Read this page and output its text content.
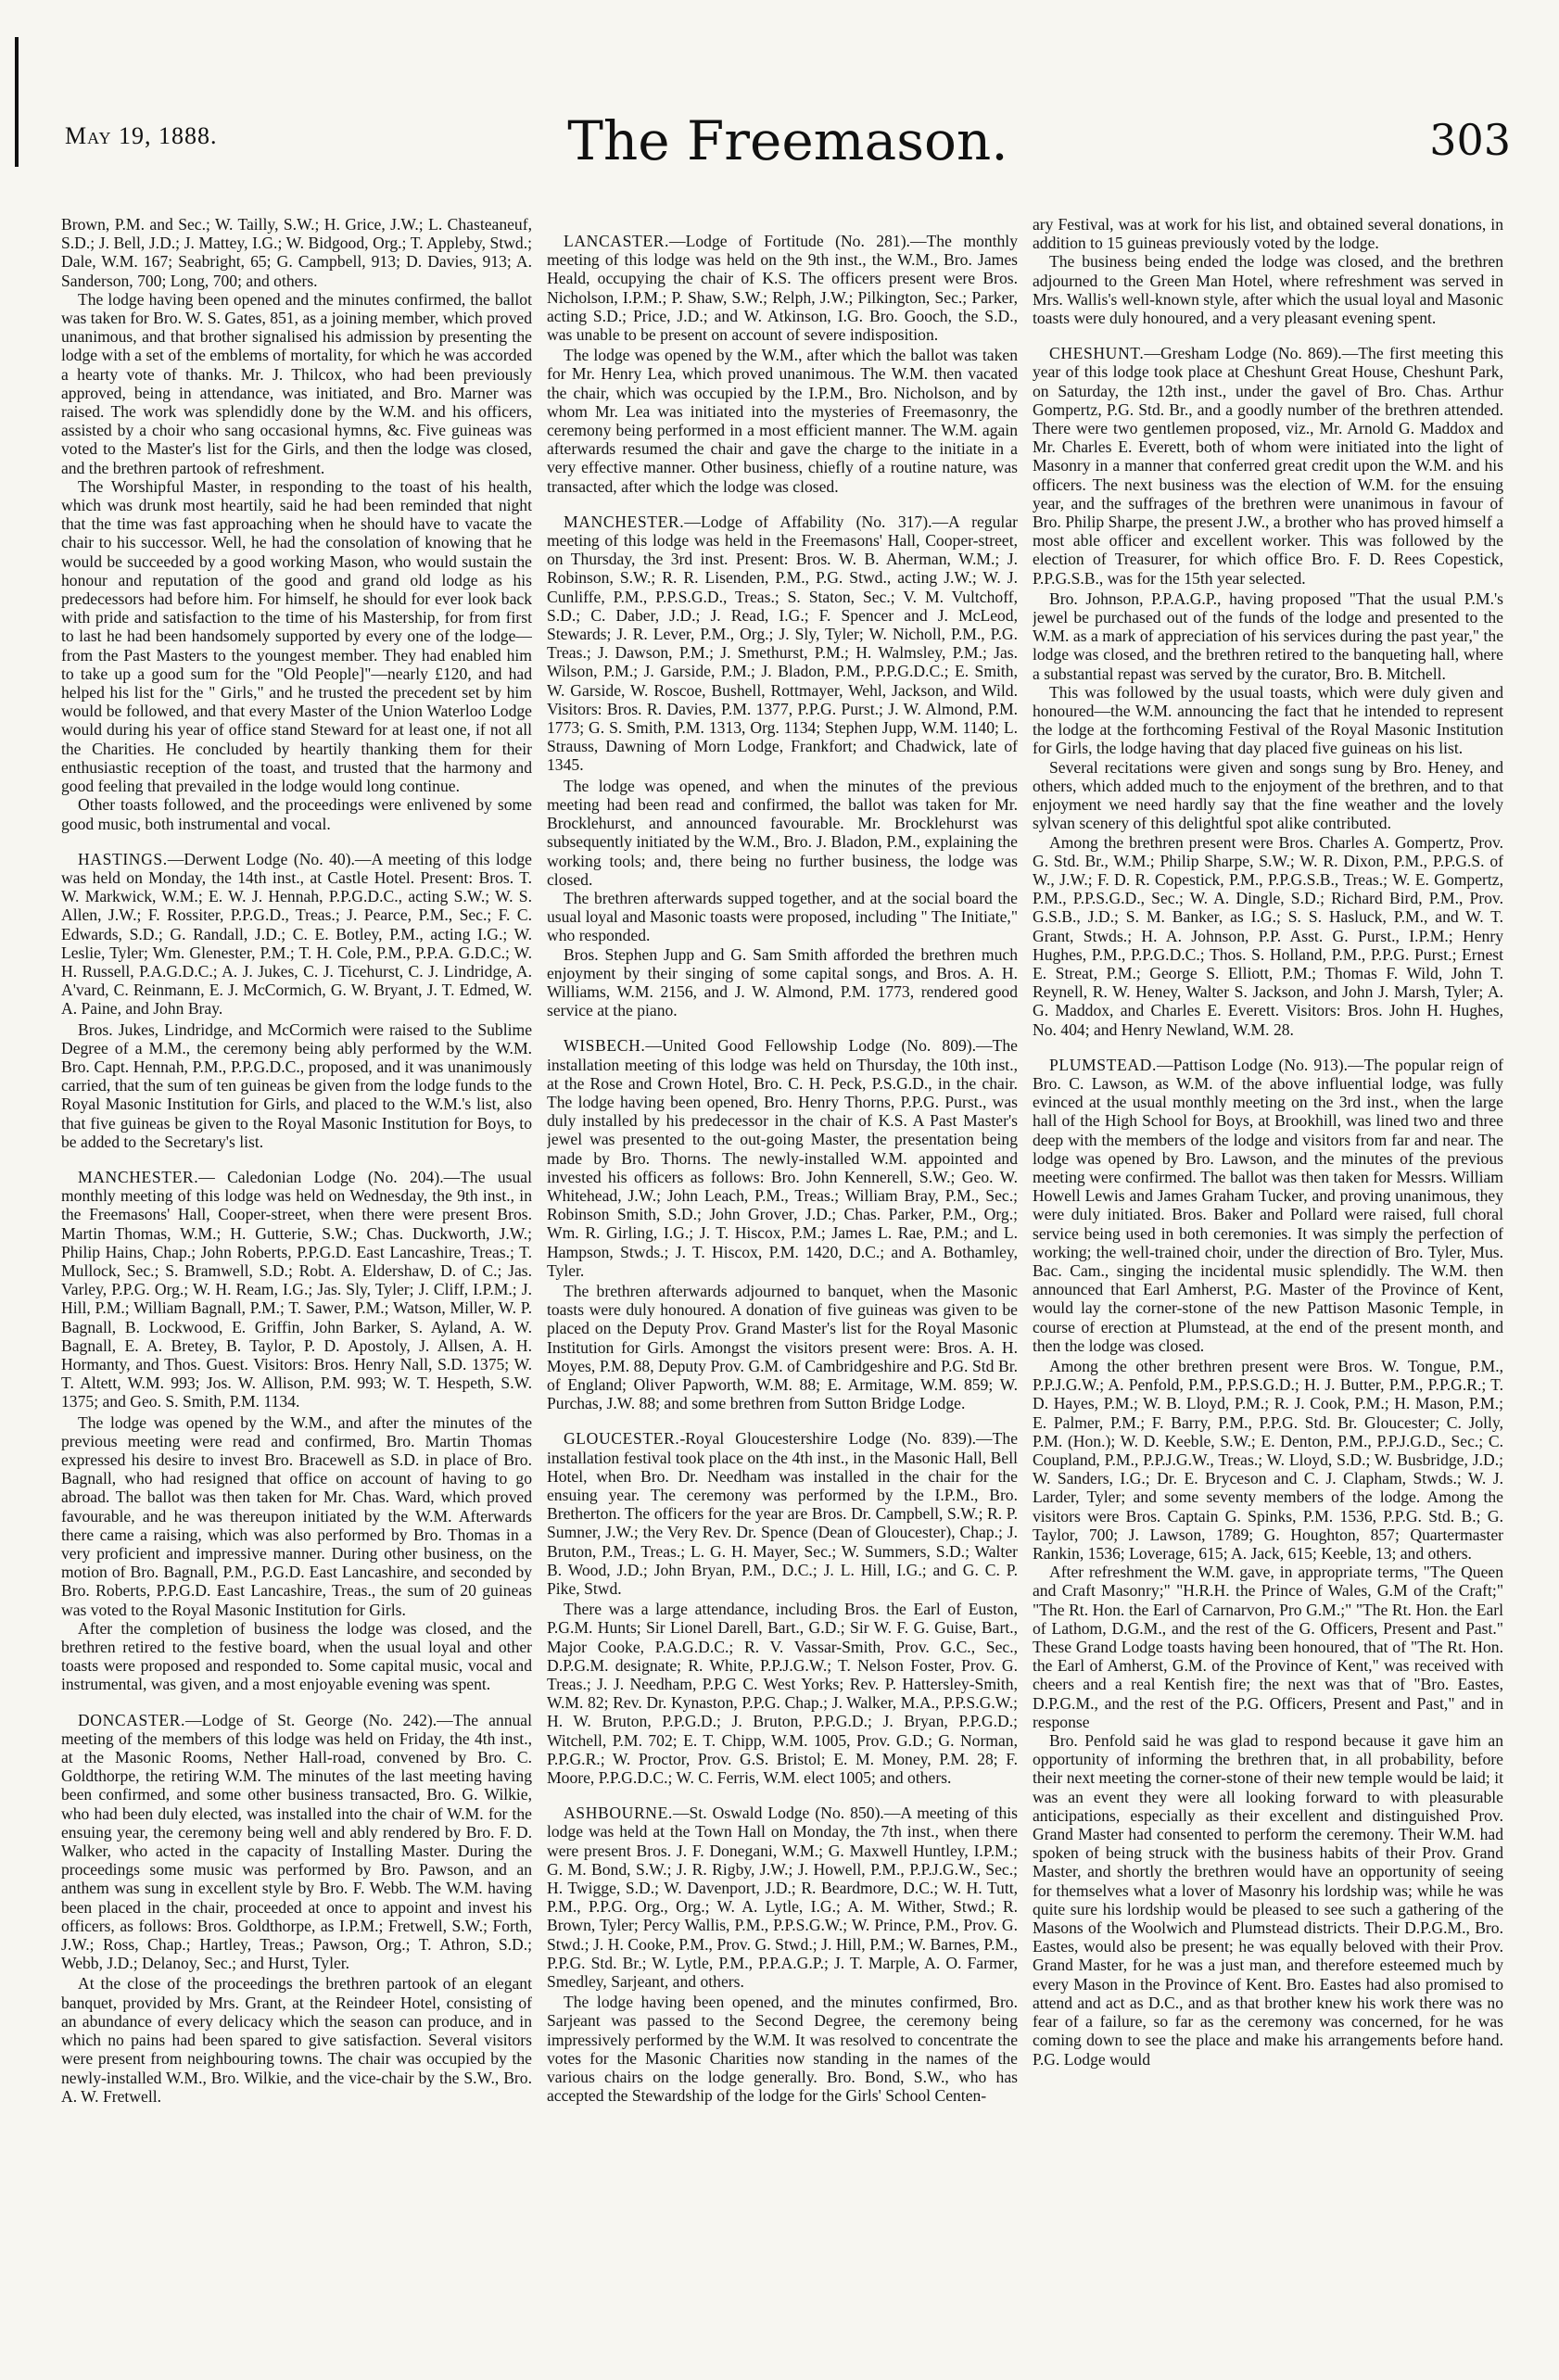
May 19, 1888.	The Freemason.	303

Brown, P.M. and Sec.; W. Tailly, S.W.; H. Grice, J.W.; L. Chasteaneuf, S.D.; J. Bell, J.D.; J. Mattey, I.G.; W. Bidgood, Org.; T. Appleby, Stwd.; Dale, W.M. 167; Seabright, 65; G. Campbell, 913; D. Davies, 913; A. Sanderson, 700; Long, 700; and others.

The lodge having been opened and the minutes confirmed, the ballot was taken for Bro. W. S. Gates, 851, as a joining member, which proved unanimous, and that brother signalised his admission by presenting the lodge with a set of the emblems of mortality, for which he was accorded a hearty vote of thanks. Mr. J. Thilcox, who had been previously approved, being in attendance, was initiated, and Bro. Marner was raised. The work was splendidly done by the W.M. and his officers, assisted by a choir who sang occasional hymns, &c. Five guineas was voted to the Master's list for the Girls, and then the lodge was closed, and the brethren partook of refreshment.

The Worshipful Master, in responding to the toast of his health, which was drunk most heartily, said he had been reminded that night that the time was fast approaching when he should have to vacate the chair to his successor. Well, he had the consolation of knowing that he would be succeeded by a good working Mason, who would sustain the honour and reputation of the good and grand old lodge as his predecessors had before him. For himself, he should for ever look back with pride and satisfaction to the time of his Mastership, for from first to last he had been handsomely supported by every one of the lodge—from the Past Masters to the youngest member. They had enabled him to take up a good sum for the "Old People]"—nearly £120, and had helped his list for the " Girls," and he trusted the precedent set by him would be followed, and that every Master of the Union Waterloo Lodge would during his year of office stand Steward for at least one, if not all the Charities. He concluded by heartily thanking them for their enthusiastic reception of the toast, and trusted that the harmony and good feeling that prevailed in the lodge would long continue.

Other toasts followed, and the proceedings were enlivened by some good music, both instrumental and vocal.

HASTINGS.—Derwent Lodge (No. 40).—A meeting of this lodge was held on Monday, the 14th inst., at Castle Hotel. Present: Bros. T. W. Markwick, W.M.; E. W. J. Hennah, P.P.G.D.C., acting S.W.; W. S. Allen, J.W.; F. Rossiter, P.P.G.D., Treas.; J. Pearce, P.M., Sec.; F. C. Edwards, S.D.; G. Randall, J.D.; C. E. Botley, P.M., acting I.G.; W. Leslie, Tyler; Wm. Glenester, P.M.; T. H. Cole, P.M., P.P.A. G.D.C.; W. H. Russell, P.A.G.D.C.; A. J. Jukes, C. J. Ticehurst, C. J. Lindridge, A. A'vard, C. Reinmann, E. J. McCormich, G. W. Bryant, J. T. Edmed, W. A. Paine, and John Bray.

Bros. Jukes, Lindridge, and McCormich were raised to the Sublime Degree of a M.M., the ceremony being ably performed by the W.M. Bro. Capt. Hennah, P.M., P.P.G.D.C., proposed, and it was unanimously carried, that the sum of ten guineas be given from the lodge funds to the Royal Masonic Institution for Girls, and placed to the W.M.'s list, also that five guineas be given to the Royal Masonic Institution for Boys, to be added to the Secretary's list.

MANCHESTER.— Caledonian Lodge (No. 204).—The usual monthly meeting of this lodge was held on Wednesday, the 9th inst., in the Freemasons' Hall, Cooper-street, when there were present Bros. Martin Thomas, W.M.; H. Gutterie, S.W.; Chas. Duckworth, J.W.; Philip Hains, Chap.; John Roberts, P.P.G.D. East Lancashire, Treas.; T. Mullock, Sec.; S. Bramwell, S.D.; Robt. A. Eldershaw, D. of C.; Jas. Varley, P.P.G. Org.; W. H. Ream, I.G.; Jas. Sly, Tyler; J. Cliff, I.P.M.; J. Hill, P.M.; William Bagnall, P.M.; T. Sawer, P.M.; Watson, Miller, W. P. Bagnall, B. Lockwood, E. Griffin, John Barker, S. Ayland, A. W. Bagnall, E. A. Bretey, B. Taylor, P. D. Apostoly, J. Allsen, A. H. Hormanty, and Thos. Guest. Visitors: Bros. Henry Nall, S.D. 1375; W. T. Altett, W.M. 993; Jos. W. Allison, P.M. 993; W. T. Hespeth, S.W. 1375; and Geo. S. Smith, P.M. 1134.

The lodge was opened by the W.M., and after the minutes of the previous meeting were read and confirmed, Bro. Martin Thomas expressed his desire to invest Bro. Bracewell as S.D. in place of Bro. Bagnall, who had resigned that office on account of having to go abroad. The ballot was then taken for Mr. Chas. Ward, which proved favourable, and he was thereupon initiated by the W.M. Afterwards there came a raising, which was also performed by Bro. Thomas in a very proficient and impressive manner. During other business, on the motion of Bro. Bagnall, P.M., P.G.D. East Lancashire, and seconded by Bro. Roberts, P.P.G.D. East Lancashire, Treas., the sum of 20 guineas was voted to the Royal Masonic Institution for Girls.

After the completion of business the lodge was closed, and the brethren retired to the festive board, when the usual loyal and other toasts were proposed and responded to. Some capital music, vocal and instrumental, was given, and a most enjoyable evening was spent.

DONCASTER.—Lodge of St. George (No. 242).—The annual meeting of the members of this lodge was held on Friday, the 4th inst., at the Masonic Rooms, Nether Hall-road, convened by Bro. C. Goldthorpe, the retiring W.M. The minutes of the last meeting having been confirmed, and some other business transacted, Bro. G. Wilkie, who had been duly elected, was installed into the chair of W.M. for the ensuing year, the ceremony being well and ably rendered by Bro. F. D. Walker, who acted in the capacity of Installing Master. During the proceedings some music was performed by Bro. Pawson, and an anthem was sung in excellent style by Bro. F. Webb. The W.M. having been placed in the chair, proceeded at once to appoint and invest his officers, as follows: Bros. Goldthorpe, as I.P.M.; Fretwell, S.W.; Forth, J.W.; Ross, Chap.; Hartley, Treas.; Pawson, Org.; T. Athron, S.D.; Webb, J.D.; Delanoy, Sec.; and Hurst, Tyler.

At the close of the proceedings the brethren partook of an elegant banquet, provided by Mrs. Grant, at the Reindeer Hotel, consisting of an abundance of every delicacy which the season can produce, and in which no pains had been spared to give satisfaction. Several visitors were present from neighbouring towns. The chair was occupied by the newly-installed W.M., Bro. Wilkie, and the vice-chair by the S.W., Bro. A. W. Fretwell.

LANCASTER.—Lodge of Fortitude (No. 281).—The monthly meeting of this lodge was held on the 9th inst., the W.M., Bro. James Heald, occupying the chair of K.S. The officers present were Bros. Nicholson, I.P.M.; P. Shaw, S.W.; Relph, J.W.; Pilkington, Sec.; Parker, acting S.D.; Price, J.D.; and W. Atkinson, I.G. Bro. Gooch, the S.D., was unable to be present on account of severe indisposition.

The lodge was opened by the W.M., after which the ballot was taken for Mr. Henry Lea, which proved unanimous. The W.M. then vacated the chair, which was occupied by the I.P.M., Bro. Nicholson, and by whom Mr. Lea was initiated into the mysteries of Freemasonry, the ceremony being performed in a most efficient manner. The W.M. again afterwards resumed the chair and gave the charge to the initiate in a very effective manner. Other business, chiefly of a routine nature, was transacted, after which the lodge was closed.

MANCHESTER.—Lodge of Affability (No. 317).—A regular meeting of this lodge was held in the Freemasons' Hall, Cooper-street, on Thursday, the 3rd inst. Present: Bros. W. B. Aherman, W.M.; J. Robinson, S.W.; R. R. Lisenden, P.M., P.G. Stwd., acting J.W.; W. J. Cunliffe, P.M., P.P.S.G.D., Treas.; S. Staton, Sec.; V. M. Vultchoff, S.D.; C. Daber, J.D.; J. Read, I.G.; F. Spencer and J. McLeod, Stewards; J. R. Lever, P.M., Org.; J. Sly, Tyler; W. Nicholl, P.M., P.G. Treas.; J. Dawson, P.M.; J. Smethurst, P.M.; H. Walmsley, P.M.; Jas. Wilson, P.M.; J. Garside, P.M.; J. Bladon, P.M., P.P.G.D.C.; E. Smith, W. Garside, W. Roscoe, Bushell, Rottmayer, Wehl, Jackson, and Wild. Visitors: Bros. R. Davies, P.M. 1377, P.P.G. Purst.; J. W. Almond, P.M. 1773; G. S. Smith, P.M. 1313, Org. 1134; Stephen Jupp, W.M. 1140; L. Strauss, Dawning of Morn Lodge, Frankfort; and Chadwick, late of 1345.

The lodge was opened, and when the minutes of the previous meeting had been read and confirmed, the ballot was taken for Mr. Brocklehurst, and announced favourable. Mr. Brocklehurst was subsequently initiated by the W.M., Bro. J. Bladon, P.M., explaining the working tools; and, there being no further business, the lodge was closed.

The brethren afterwards supped together, and at the social board the usual loyal and Masonic toasts were proposed, including " The Initiate," who responded.

Bros. Stephen Jupp and G. Sam Smith afforded the brethren much enjoyment by their singing of some capital songs, and Bros. A. H. Williams, W.M. 2156, and J. W. Almond, P.M. 1773, rendered good service at the piano.

WISBECH.—United Good Fellowship Lodge (No. 809).—The installation meeting of this lodge was held on Thursday, the 10th inst., at the Rose and Crown Hotel, Bro. C. H. Peck, P.S.G.D., in the chair. The lodge having been opened, Bro. Henry Thorns, P.P.G. Purst., was duly installed by his predecessor in the chair of K.S. A Past Master's jewel was presented to the out-going Master, the presentation being made by Bro. Thorns. The newly-installed W.M. appointed and invested his officers as follows: Bro. John Kennerell, S.W.; Geo. W. Whitehead, J.W.; John Leach, P.M., Treas.; William Bray, P.M., Sec.; Robinson Smith, S.D.; John Grover, J.D.; Chas. Parker, P.M., Org.; Wm. R. Girling, I.G.; J. T. Hiscox, P.M.; James L. Rae, P.M.; and L. Hampson, Stwds.; J. T. Hiscox, P.M. 1420, D.C.; and A. Bothamley, Tyler.

The brethren afterwards adjourned to banquet, when the Masonic toasts were duly honoured. A donation of five guineas was given to be placed on the Deputy Prov. Grand Master's list for the Royal Masonic Institution for Girls. Amongst the visitors present were: Bros. A. H. Moyes, P.M. 88, Deputy Prov. G.M. of Cambridgeshire and P.G. Std Br. of England; Oliver Papworth, W.M. 88; E. Armitage, W.M. 859; W. Purchas, J.W. 88; and some brethren from Sutton Bridge Lodge.

GLOUCESTER.-Royal Gloucestershire Lodge (No. 839).—The installation festival took place on the 4th inst., in the Masonic Hall, Bell Hotel, when Bro. Dr. Needham was installed in the chair for the ensuing year. The ceremony was performed by the I.P.M., Bro. Bretherton. The officers for the year are Bros. Dr. Campbell, S.W.; R. P. Sumner, J.W.; the Very Rev. Dr. Spence (Dean of Gloucester), Chap.; J. Bruton, P.M., Treas.; L. G. H. Mayer, Sec.; W. Summers, S.D.; Walter B. Wood, J.D.; John Bryan, P.M., D.C.; J. L. Hill, I.G.; and G. C. P. Pike, Stwd.

There was a large attendance, including Bros. the Earl of Euston, P.G.M. Hunts; Sir Lionel Darell, Bart., G.D.; Sir W. F. G. Guise, Bart., Major Cooke, P.A.G.D.C.; R. V. Vassar-Smith, Prov. G.C., Sec., D.P.G.M. designate; R. White, P.P.J.G.W.; T. Nelson Foster, Prov. G. Treas.; J. J. Needham, P.P.G C. West Yorks; Rev. P. Hattersley-Smith, W.M. 82; Rev. Dr. Kynaston, P.P.G. Chap.; J. Walker, M.A., P.P.S.G.W.; H. W. Bruton, P.P.G.D.; J. Bruton, P.P.G.D.; J. Bryan, P.P.G.D.; Witchell, P.M. 702; E. T. Chipp, W.M. 1005, Prov. G.D.; G. Norman, P.P.G.R.; W. Proctor, Prov. G.S. Bristol; E. M. Money, P.M. 28; F. Moore, P.P.G.D.C.; W. C. Ferris, W.M. elect 1005; and others.

ASHBOURNE.—St. Oswald Lodge (No. 850).—A meeting of this lodge was held at the Town Hall on Monday, the 7th inst., when there were present Bros. J. F. Donegani, W.M.; G. Maxwell Huntley, I.P.M.; G. M. Bond, S.W.; J. R. Rigby, J.W.; J. Howell, P.M., P.P.J.G.W., Sec.; H. Twigge, S.D.; W. Davenport, J.D.; R. Beardmore, D.C.; W. H. Tutt, P.M., P.P.G. Org., Org.; W. A. Lytle, I.G.; A. M. Wither, Stwd.; R. Brown, Tyler; Percy Wallis, P.M., P.P.S.G.W.; W. Prince, P.M., Prov. G. Stwd.; J. H. Cooke, P.M., Prov. G. Stwd.; J. Hill, P.M.; W. Barnes, P.M., P.P.G. Std. Br.; W. Lytle, P.M., P.P.A.G.P.; J. T. Marple, A. O. Farmer, Smedley, Sarjeant, and others.

The lodge having been opened, and the minutes confirmed, Bro. Sarjeant was passed to the Second Degree, the ceremony being impressively performed by the W.M. It was resolved to concentrate the votes for the Masonic Charities now standing in the names of the various chairs on the lodge generally. Bro. Bond, S.W., who has accepted the Stewardship of the lodge for the Girls' School Centen-

ary Festival, was at work for his list, and obtained several donations, in addition to 15 guineas previously voted by the lodge.

The business being ended the lodge was closed, and the brethren adjourned to the Green Man Hotel, where refreshment was served in Mrs. Wallis's well-known style, after which the usual loyal and Masonic toasts were duly honoured, and a very pleasant evening spent.

CHESHUNT.—Gresham Lodge (No. 869).—The first meeting this year of this lodge took place at Cheshunt Great House, Cheshunt Park, on Saturday, the 12th inst., under the gavel of Bro. Chas. Arthur Gompertz, P.G. Std. Br., and a goodly number of the brethren attended. There were two gentlemen proposed, viz., Mr. Arnold G. Maddox and Mr. Charles E. Everett, both of whom were initiated into the light of Masonry in a manner that conferred great credit upon the W.M. and his officers. The next business was the election of W.M. for the ensuing year, and the suffrages of the brethren were unanimous in favour of Bro. Philip Sharpe, the present J.W., a brother who has proved himself a most able officer and excellent worker. This was followed by the election of Treasurer, for which office Bro. F. D. Rees Copestick, P.P.G.S.B., was for the 15th year selected.

Bro. Johnson, P.P.A.G.P., having proposed "That the usual P.M.'s jewel be purchased out of the funds of the lodge and presented to the W.M. as a mark of appreciation of his services during the past year," the lodge was closed, and the brethren retired to the banqueting hall, where a substantial repast was served by the curator, Bro. B. Mitchell.

This was followed by the usual toasts, which were duly given and honoured—the W.M. announcing the fact that he intended to represent the lodge at the forthcoming Festival of the Royal Masonic Institution for Girls, the lodge having that day placed five guineas on his list.

Several recitations were given and songs sung by Bro. Heney, and others, which added much to the enjoyment of the brethren, and to that enjoyment we need hardly say that the fine weather and the lovely sylvan scenery of this delightful spot alike contributed.

Among the brethren present were Bros. Charles A. Gompertz, Prov. G. Std. Br., W.M.; Philip Sharpe, S.W.; W. R. Dixon, P.M., P.P.G.S. of W., J.W.; F. D. R. Copestick, P.M., P.P.G.S.B., Treas.; W. E. Gompertz, P.M., P.P.S.G.D., Sec.; W. A. Dingle, S.D.; Richard Bird, P.M., Prov. G.S.B., J.D.; S. M. Banker, as I.G.; S. S. Hasluck, P.M., and W. T. Grant, Stwds.; H. A. Johnson, P.P. Asst. G. Purst., I.P.M.; Henry Hughes, P.M., P.P.G.D.C.; Thos. S. Holland, P.M., P.P.G. Purst.; Ernest E. Streat, P.M.; George S. Elliott, P.M.; Thomas F. Wild, John T. Reynell, R. W. Heney, Walter S. Jackson, and John J. Marsh, Tyler; A. G. Maddox, and Charles E. Everett. Visitors: Bros. John H. Hughes, No. 404; and Henry Newland, W.M. 28.

PLUMSTEAD.—Pattison Lodge (No. 913).—The popular reign of Bro. C. Lawson, as W.M. of the above influential lodge, was fully evinced at the usual monthly meeting on the 3rd inst., when the large hall of the High School for Boys, at Brookhill, was lined two and three deep with the members of the lodge and visitors from far and near. The lodge was opened by Bro. Lawson, and the minutes of the previous meeting were confirmed. The ballot was then taken for Messrs. William Howell Lewis and James Graham Tucker, and proving unanimous, they were duly initiated. Bros. Baker and Pollard were raised, full choral service being used in both ceremonies. It was simply the perfection of working; the well-trained choir, under the direction of Bro. Tyler, Mus. Bac. Cam., singing the incidental music splendidly. The W.M. then announced that Earl Amherst, P.G. Master of the Province of Kent, would lay the corner-stone of the new Pattison Masonic Temple, in course of erection at Plumstead, at the end of the present month, and then the lodge was closed.

Among the other brethren present were Bros. W. Tongue, P.M., P.P.J.G.W.; A. Penfold, P.M., P.P.S.G.D.; H. J. Butter, P.M., P.P.G.R.; T. D. Hayes, P.M.; W. B. Lloyd, P.M.; R. J. Cook, P.M.; H. Mason, P.M.; E. Palmer, P.M.; F. Barry, P.M., P.P.G. Std. Br. Gloucester; C. Jolly, P.M. (Hon.); W. D. Keeble, S.W.; E. Denton, P.M., P.P.J.G.D., Sec.; C. Coupland, P.M., P.P.J.G.W., Treas.; W. Lloyd, S.D.; W. Busbridge, J.D.; W. Sanders, I.G.; Dr. E. Bryceson and C. J. Clapham, Stwds.; W. J. Larder, Tyler; and some seventy members of the lodge. Among the visitors were Bros. Captain G. Spinks, P.M. 1536, P.P.G. Std. B.; G. Taylor, 700; J. Lawson, 1789; G. Houghton, 857; Quartermaster Rankin, 1536; Loverage, 615; A. Jack, 615; Keeble, 13; and others.

After refreshment the W.M. gave, in appropriate terms, "The Queen and Craft Masonry;" "H.R.H. the Prince of Wales, G.M of the Craft;" "The Rt. Hon. the Earl of Carnarvon, Pro G.M.;" "The Rt. Hon. the Earl of Lathom, D.G.M., and the rest of the G. Officers, Present and Past." These Grand Lodge toasts having been honoured, that of "The Rt. Hon. the Earl of Amherst, G.M. of the Province of Kent," was received with cheers and a real Kentish fire; the next was that of "Bro. Eastes, D.P.G.M., and the rest of the P.G. Officers, Present and Past," and in response

Bro. Penfold said he was glad to respond because it gave him an opportunity of informing the brethren that, in all probability, before their next meeting the corner-stone of their new temple would be laid; it was an event they were all looking forward to with pleasurable anticipations, especially as their excellent and distinguished Prov. Grand Master had consented to perform the ceremony. Their W.M. had spoken of being struck with the business habits of their Prov. Grand Master, and shortly the brethren would have an opportunity of seeing for themselves what a lover of Masonry his lordship was; while he was quite sure his lordship would be pleased to see such a gathering of the Masons of the Woolwich and Plumstead districts. Their D.P.G.M., Bro. Eastes, would also be present; he was equally beloved with their Prov. Grand Master, for he was a just man, and therefore esteemed much by every Mason in the Province of Kent. Bro. Eastes had also promised to attend and act as D.C., and as that brother knew his work there was no fear of a failure, so far as the ceremony was concerned, for he was coming down to see the place and make his arrangements before hand. P.G. Lodge would
